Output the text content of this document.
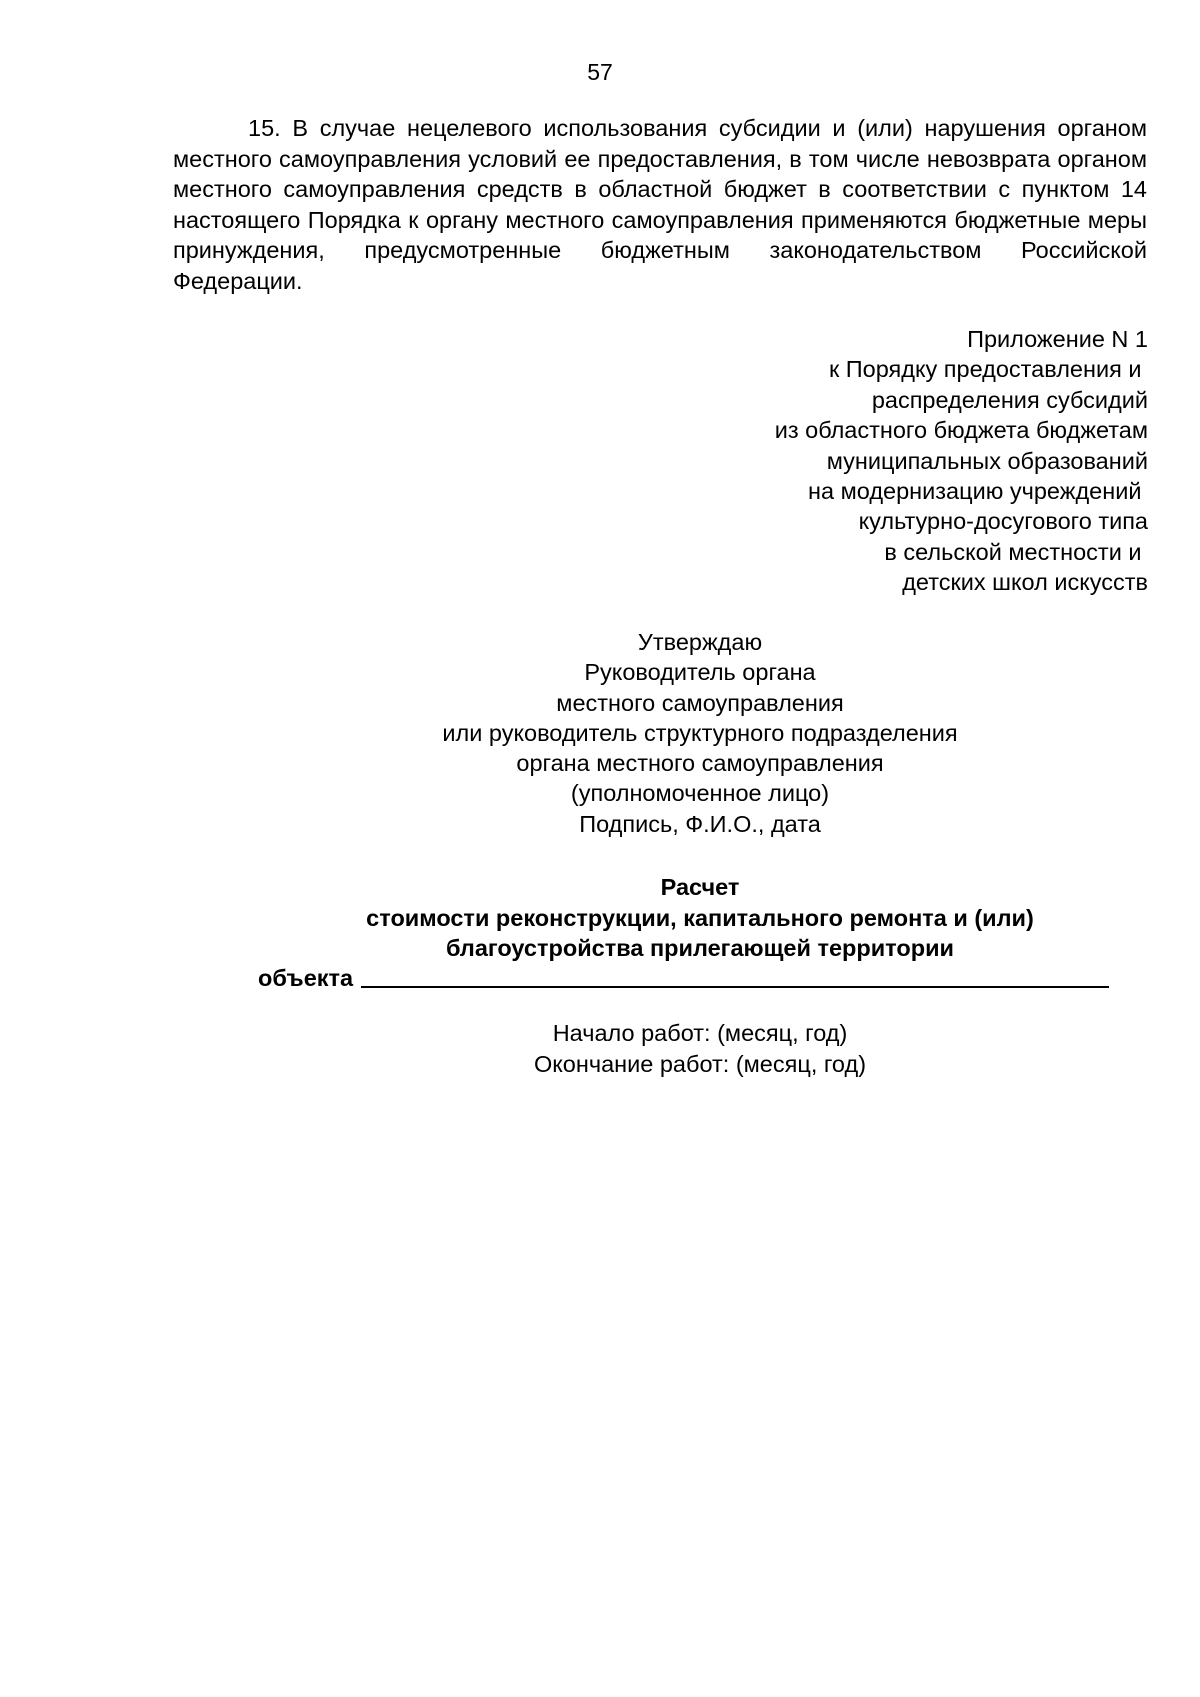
57
15. В случае нецелевого использования субсидии и (или) нарушения органом местного самоуправления условий ее предоставления, в том числе невозврата органом местного самоуправления средств в областной бюджет в соответствии с пунктом 14 настоящего Порядка к органу местного самоуправления применяются бюджетные меры принуждения, предусмотренные бюджетным законодательством Российской Федерации.
Приложение N 1
к Порядку предоставления и
распределения субсидий
из областного бюджета бюджетам
муниципальных образований
на модернизацию учреждений
культурно-досугового типа
в сельской местности и
детских школ искусств
Утверждаю
Руководитель органа
местного самоуправления
или руководитель структурного подразделения
органа местного самоуправления
(уполномоченное лицо)
Подпись, Ф.И.О., дата
Расчет
стоимости реконструкции, капитального ремонта и (или)
благоустройства прилегающей территории
объекта
Начало работ: (месяц, год)
Окончание работ: (месяц, год)
